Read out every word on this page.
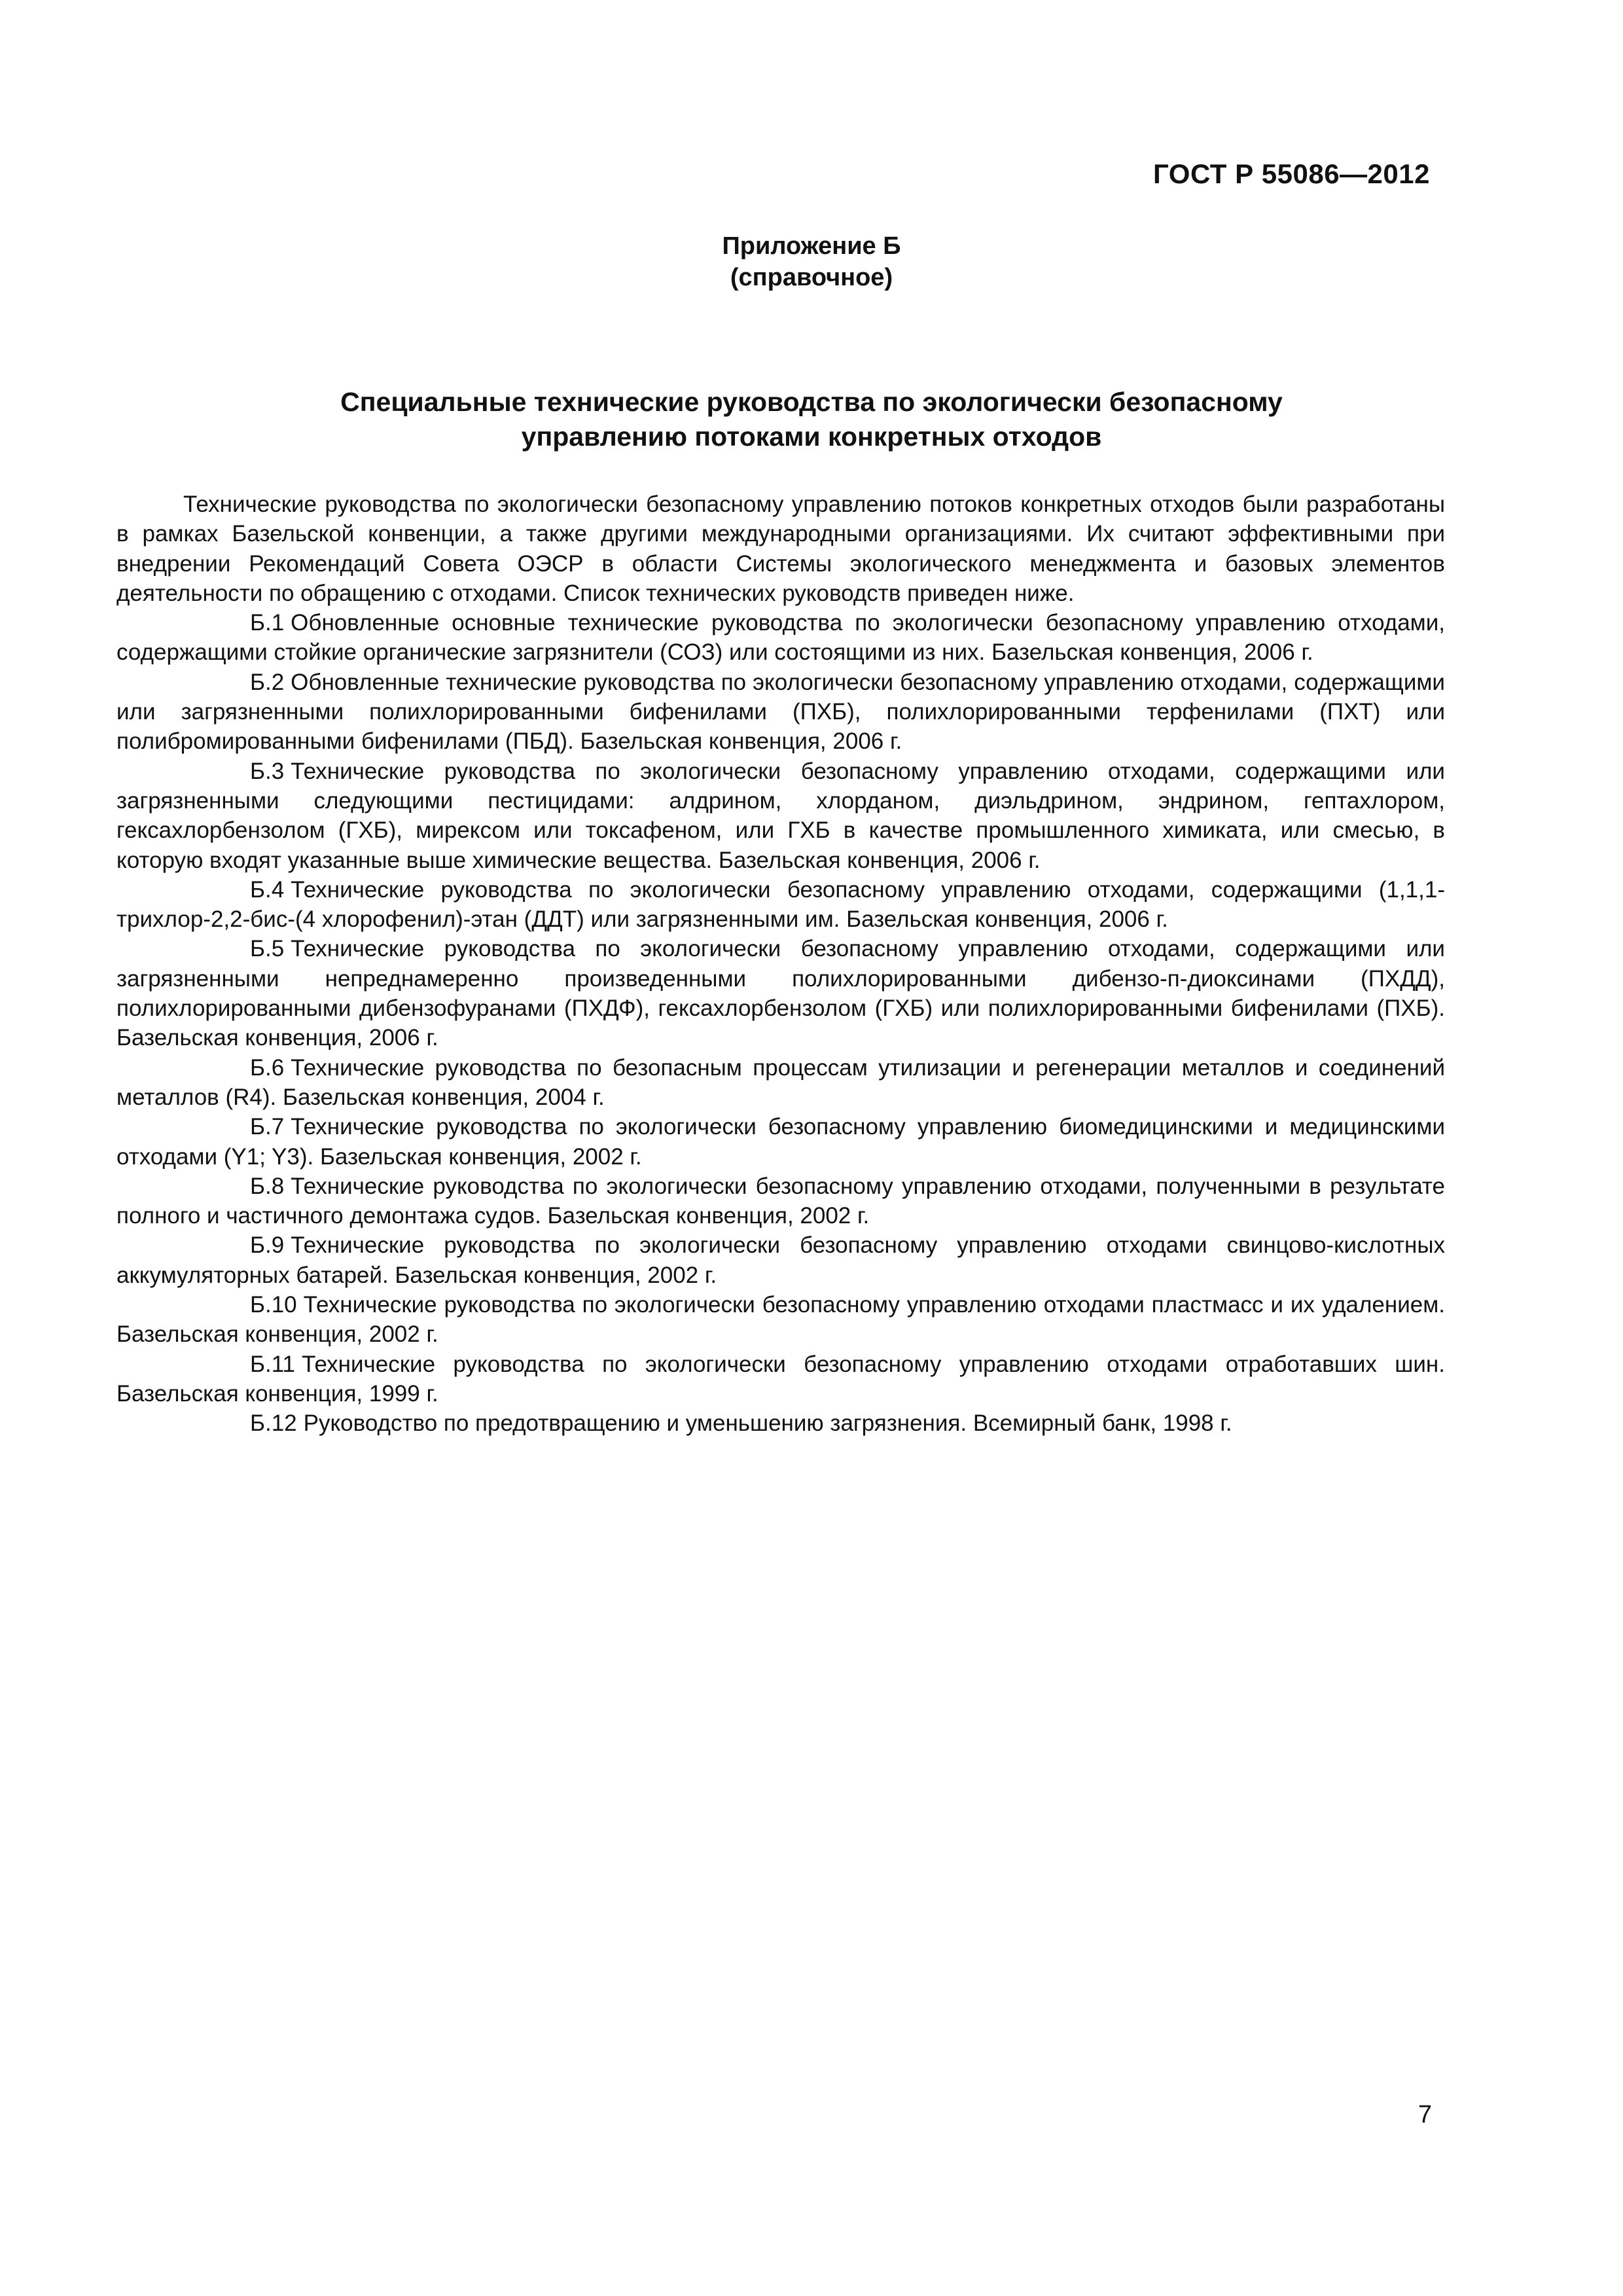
ГОСТ Р 55086—2012
Приложение Б
(справочное)
Специальные технические руководства по экологически безопасному
управлению потоками конкретных отходов

Технические руководства по экологически безопасному управлению потоков конкретных отходов были разработаны в рамках Базельской конвенции, а также другими международными организациями. Их считают эффективными при внедрении Рекомендаций Совета ОЭСР в области Системы экологического менеджмента и базовых элементов деятельности по обращению с отходами. Список технических руководств приведен ниже.

Б.1 Обновленные основные технические руководства по экологически безопасному управлению отходами, содержащими стойкие органические загрязнители (СОЗ) или состоящими из них. Базельская конвенция, 2006 г.

Б.2 Обновленные технические руководства по экологически безопасному управлению отходами, содержащими или загрязненными полихлорированными бифенилами (ПХБ), полихлорированными терфенилами (ПХТ) или полибромированными бифенилами (ПБД). Базельская конвенция, 2006 г.

Б.3 Технические руководства по экологически безопасному управлению отходами, содержащими или загрязненными следующими пестицидами: алдрином, хлорданом, диэльдрином, эндрином, гептахлором, гексахлорбензолом (ГХБ), мирексом или токсафеном, или ГХБ в качестве промышленного химиката, или смесью, в которую входят указанные выше химические вещества. Базельская конвенция, 2006 г.

Б.4 Технические руководства по экологически безопасному управлению отходами, содержащими (1,1,1-трихлор-2,2-бис-(4 хлорофенил)-этан (ДДТ) или загрязненными им. Базельская конвенция, 2006 г.

Б.5 Технические руководства по экологически безопасному управлению отходами, содержащими или загрязненными непреднамеренно произведенными полихлорированными дибензо-п-диоксинами (ПХДД), полихлорированными дибензофуранами (ПХДФ), гексахлорбензолом (ГХБ) или полихлорированными бифенилами (ПХБ). Базельская конвенция, 2006 г.

Б.6 Технические руководства по безопасным процессам утилизации и регенерации металлов и соединений металлов (R4). Базельская конвенция, 2004 г.

Б.7 Технические руководства по экологически безопасному управлению биомедицинскими и медицинскими отходами (Y1; Y3). Базельская конвенция, 2002 г.

Б.8 Технические руководства по экологически безопасному управлению отходами, полученными в результате полного и частичного демонтажа судов. Базельская конвенция, 2002 г.

Б.9 Технические руководства по экологически безопасному управлению отходами свинцово-кислотных аккумуляторных батарей. Базельская конвенция, 2002 г.

Б.10 Технические руководства по экологически безопасному управлению отходами пластмасс и их удалением. Базельская конвенция, 2002 г.

Б.11 Технические руководства по экологически безопасному управлению отходами отработавших шин. Базельская конвенция, 1999 г.

Б.12 Руководство по предотвращению и уменьшению загрязнения. Всемирный банк, 1998 г.

7
